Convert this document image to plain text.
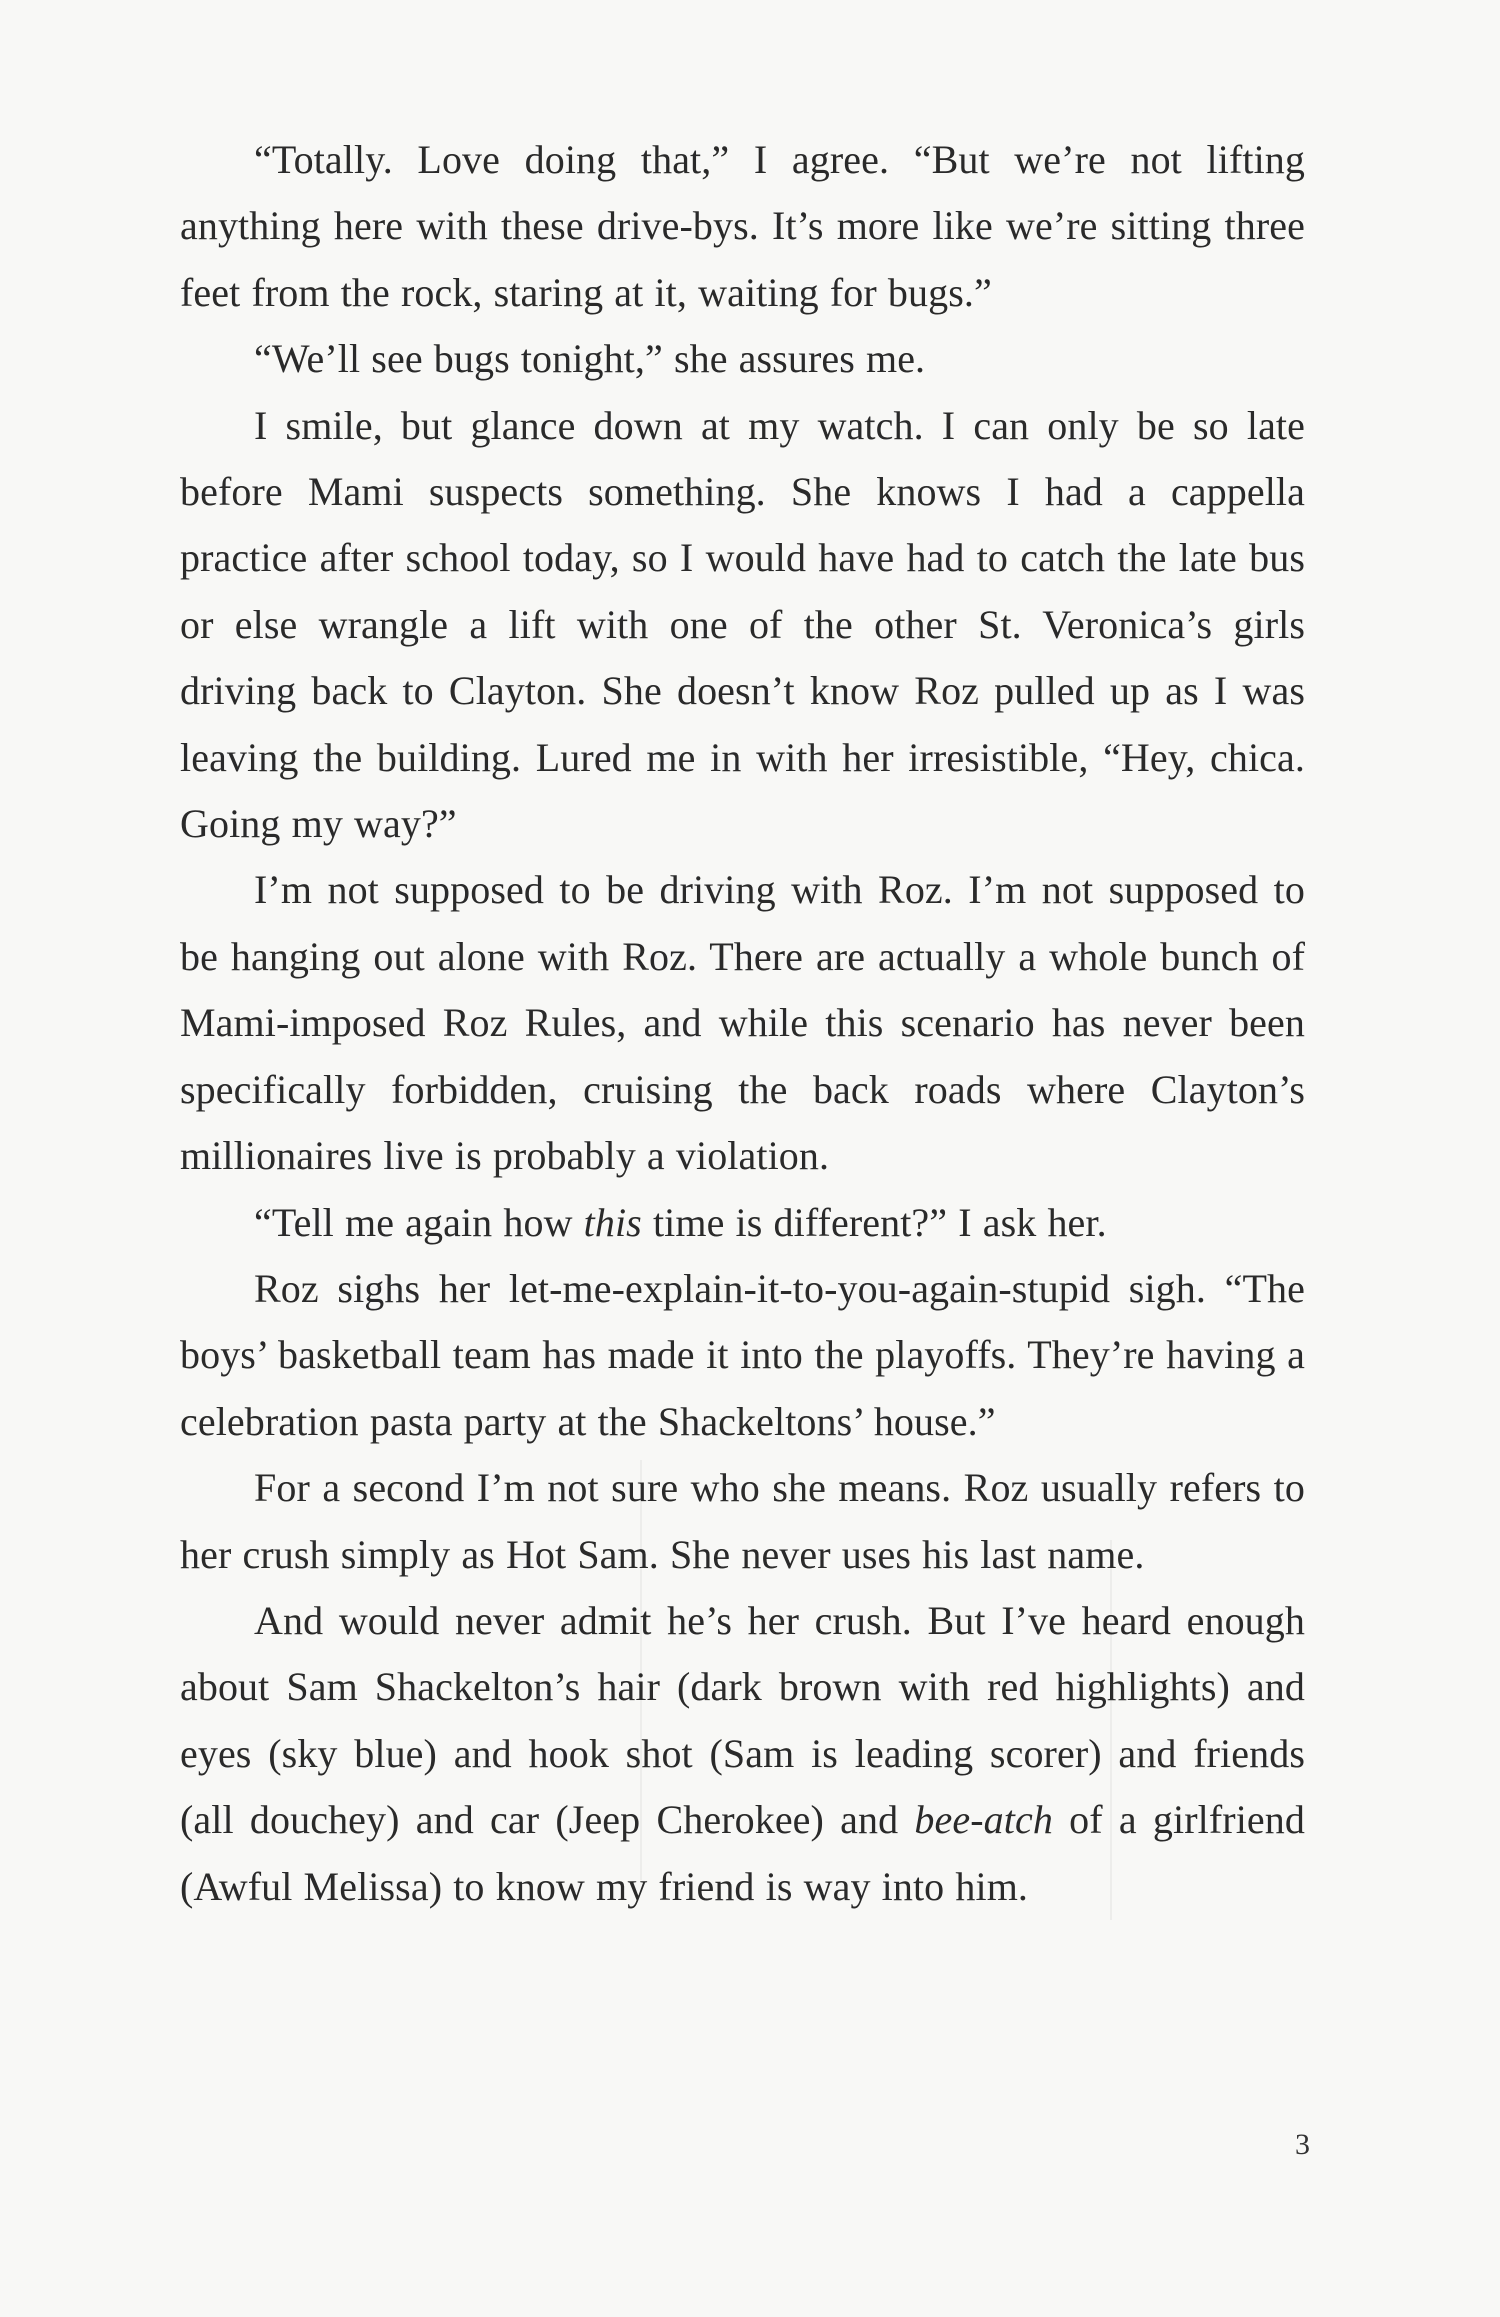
“Totally. Love doing that,” I agree. “But we’re not lifting anything here with these drive-bys. It’s more like we’re sitting three feet from the rock, staring at it, waiting for bugs.”

“We’ll see bugs tonight,” she assures me.

I smile, but glance down at my watch. I can only be so late before Mami suspects something. She knows I had a cappella practice after school today, so I would have had to catch the late bus or else wrangle a lift with one of the other St. Veronica’s girls driving back to Clayton. She doesn’t know Roz pulled up as I was leaving the building. Lured me in with her irresistible, “Hey, chica. Going my way?”

I’m not supposed to be driving with Roz. I’m not supposed to be hanging out alone with Roz. There are actually a whole bunch of Mami-imposed Roz Rules, and while this scenario has never been specifically forbidden, cruising the back roads where Clayton’s millionaires live is probably a violation.

“Tell me again how this time is different?” I ask her.

Roz sighs her let-me-explain-it-to-you-again-stupid sigh. “The boys’ basketball team has made it into the playoffs. They’re having a celebration pasta party at the Shackeltons’ house.”

For a second I’m not sure who she means. Roz usually refers to her crush simply as Hot Sam. She never uses his last name.

And would never admit he’s her crush. But I’ve heard enough about Sam Shackelton’s hair (dark brown with red highlights) and eyes (sky blue) and hook shot (Sam is leading scorer) and friends (all douchey) and car (Jeep Cherokee) and bee-atch of a girlfriend (Awful Melissa) to know my friend is way into him.

3
